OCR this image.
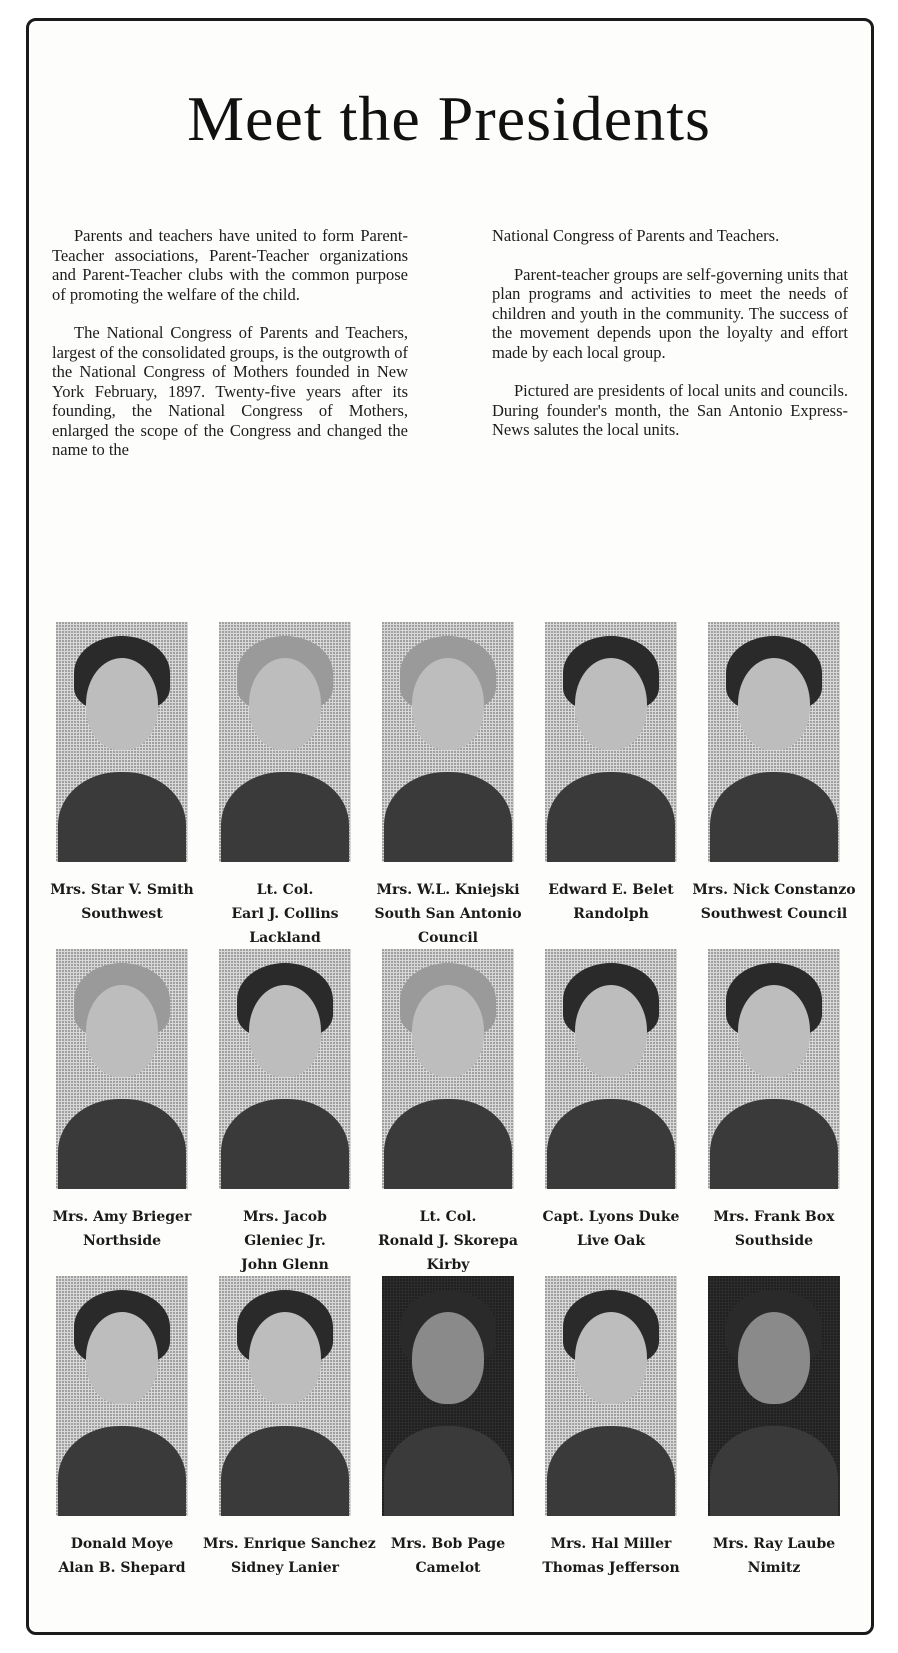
Meet the Presidents

Parents and teachers have united to form Parent-Teacher associations, Parent-Teacher organizations and Parent-Teacher clubs with the common purpose of promoting the welfare of the child.

The National Congress of Parents and Teachers, largest of the consolidated groups, is the outgrowth of the National Congress of Mothers founded in New York February, 1897. Twenty-five years after its founding, the National Congress of Mothers, enlarged the scope of the Congress and changed the name to the

National Congress of Parents and Teachers.

Parent-teacher groups are self-governing units that plan programs and activities to meet the needs of children and youth in the community. The success of the movement depends upon the loyalty and effort made by each local group.

Pictured are presidents of local units and councils. During founder's month, the San Antonio Express-News salutes the local units.

Mrs. Star V. Smith
Southwest
Lt. Col.
Earl J. Collins
Lackland
Mrs. W.L. Kniejski
South San Antonio
Council
Edward E. Belet
Randolph
Mrs. Nick Constanzo
Southwest Council
Mrs. Amy Brieger
Northside
Mrs. Jacob
Gleniec Jr.
John Glenn
Lt. Col.
Ronald J. Skorepa
Kirby
Capt. Lyons Duke
Live Oak
Mrs. Frank Box
Southside
Donald Moye
Alan B. Shepard
Mrs. Enrique Sanchez
Sidney Lanier
Mrs. Bob Page
Camelot
Mrs. Hal Miller
Thomas Jefferson
Mrs. Ray Laube
Nimitz
